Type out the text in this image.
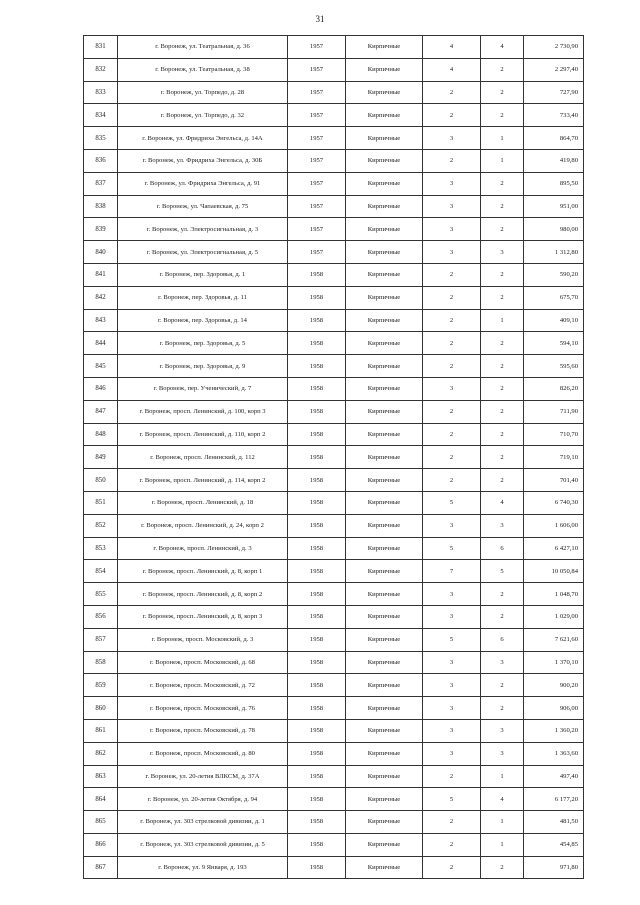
31
831	г. Воронеж, ул. Театральная, д. 36	1957	Кирпичные	4	4	2 730,90
832	г. Воронеж, ул. Театральная, д. 38	1957	Кирпичные	4	2	2 297,40
833	г. Воронеж, ул. Торпедо, д. 28	1957	Кирпичные	2	2	727,90
834	г. Воронеж, ул. Торпедо, д. 32	1957	Кирпичные	2	2	733,40
835	г. Воронеж, ул. Фридриха Энгельса, д. 14А	1957	Кирпичные	3	1	864,70
836	г. Воронеж, ул. Фридриха Энгельса, д. 30Б	1957	Кирпичные	2	1	419,80
837	г. Воронеж, ул. Фридриха Энгельса, д. 91	1957	Кирпичные	3	2	895,50
838	г. Воронеж, ул. Чапаевская, д. 75	1957	Кирпичные	3	2	951,00
839	г. Воронеж, ул. Электросигнальная, д. 3	1957	Кирпичные	3	2	980,00
840	г. Воронеж, ул. Электросигнальная, д. 5	1957	Кирпичные	3	3	1 312,80
841	г. Воронеж, пер. Здоровья, д. 1	1958	Кирпичные	2	2	590,20
842	г. Воронеж, пер. Здоровья, д. 11	1958	Кирпичные	2	2	675,70
843	г. Воронеж, пер. Здоровья, д. 14	1958	Кирпичные	2	1	409,10
844	г. Воронеж, пер. Здоровья, д. 5	1958	Кирпичные	2	2	594,10
845	г. Воронеж, пер. Здоровья, д. 9	1958	Кирпичные	2	2	595,60
846	г. Воронеж, пер. Ученический, д. 7	1958	Кирпичные	3	2	826,20
847	г. Воронеж, просп. Ленинский, д. 100, корп 3	1958	Кирпичные	2	2	711,90
848	г. Воронеж, просп. Ленинский, д. 110, корп 2	1958	Кирпичные	2	2	710,70
849	г. Воронеж, просп. Ленинский, д. 112	1958	Кирпичные	2	2	719,10
850	г. Воронеж, просп. Ленинский, д. 114, корп 2	1958	Кирпичные	2	2	701,40
851	г. Воронеж, просп. Ленинский, д. 18	1958	Кирпичные	5	4	6 740,30
852	г. Воронеж, просп. Ленинский, д. 24, корп 2	1958	Кирпичные	3	3	1 606,00
853	г. Воронеж, просп. Ленинский, д. 3	1958	Кирпичные	5	6	6 427,10
854	г. Воронеж, просп. Ленинский, д. 8, корп 1	1958	Кирпичные	7	5	10 050,84
855	г. Воронеж, просп. Ленинский, д. 8, корп 2	1958	Кирпичные	3	2	1 048,70
856	г. Воронеж, просп. Ленинский, д. 8, корп 3	1958	Кирпичные	3	2	1 029,00
857	г. Воронеж, просп. Московский, д. 3	1958	Кирпичные	5	6	7 621,60
858	г. Воронеж, просп. Московский, д. 68	1958	Кирпичные	3	3	1 370,10
859	г. Воронеж, просп. Московский, д. 72	1958	Кирпичные	3	2	900,20
860	г. Воронеж, просп. Московский, д. 76	1958	Кирпичные	3	2	906,00
861	г. Воронеж, просп. Московский, д. 78	1958	Кирпичные	3	3	1 360,20
862	г. Воронеж, просп. Московский, д. 80	1958	Кирпичные	3	3	1 363,60
863	г. Воронеж, ул. 20-летия ВЛКСМ, д. 37А	1958	Кирпичные	2	1	497,40
864	г. Воронеж, ул. 20-летия Октября, д. 94	1958	Кирпичные	5	4	6 177,20
865	г. Воронеж, ул. 303 стрелковой дивизии, д. 1	1958	Кирпичные	2	1	481,50
866	г. Воронеж, ул. 303 стрелковой дивизии, д. 5	1958	Кирпичные	2	1	454,85
867	г. Воронеж, ул. 9 Января, д. 193	1958	Кирпичные	2	2	971,80
